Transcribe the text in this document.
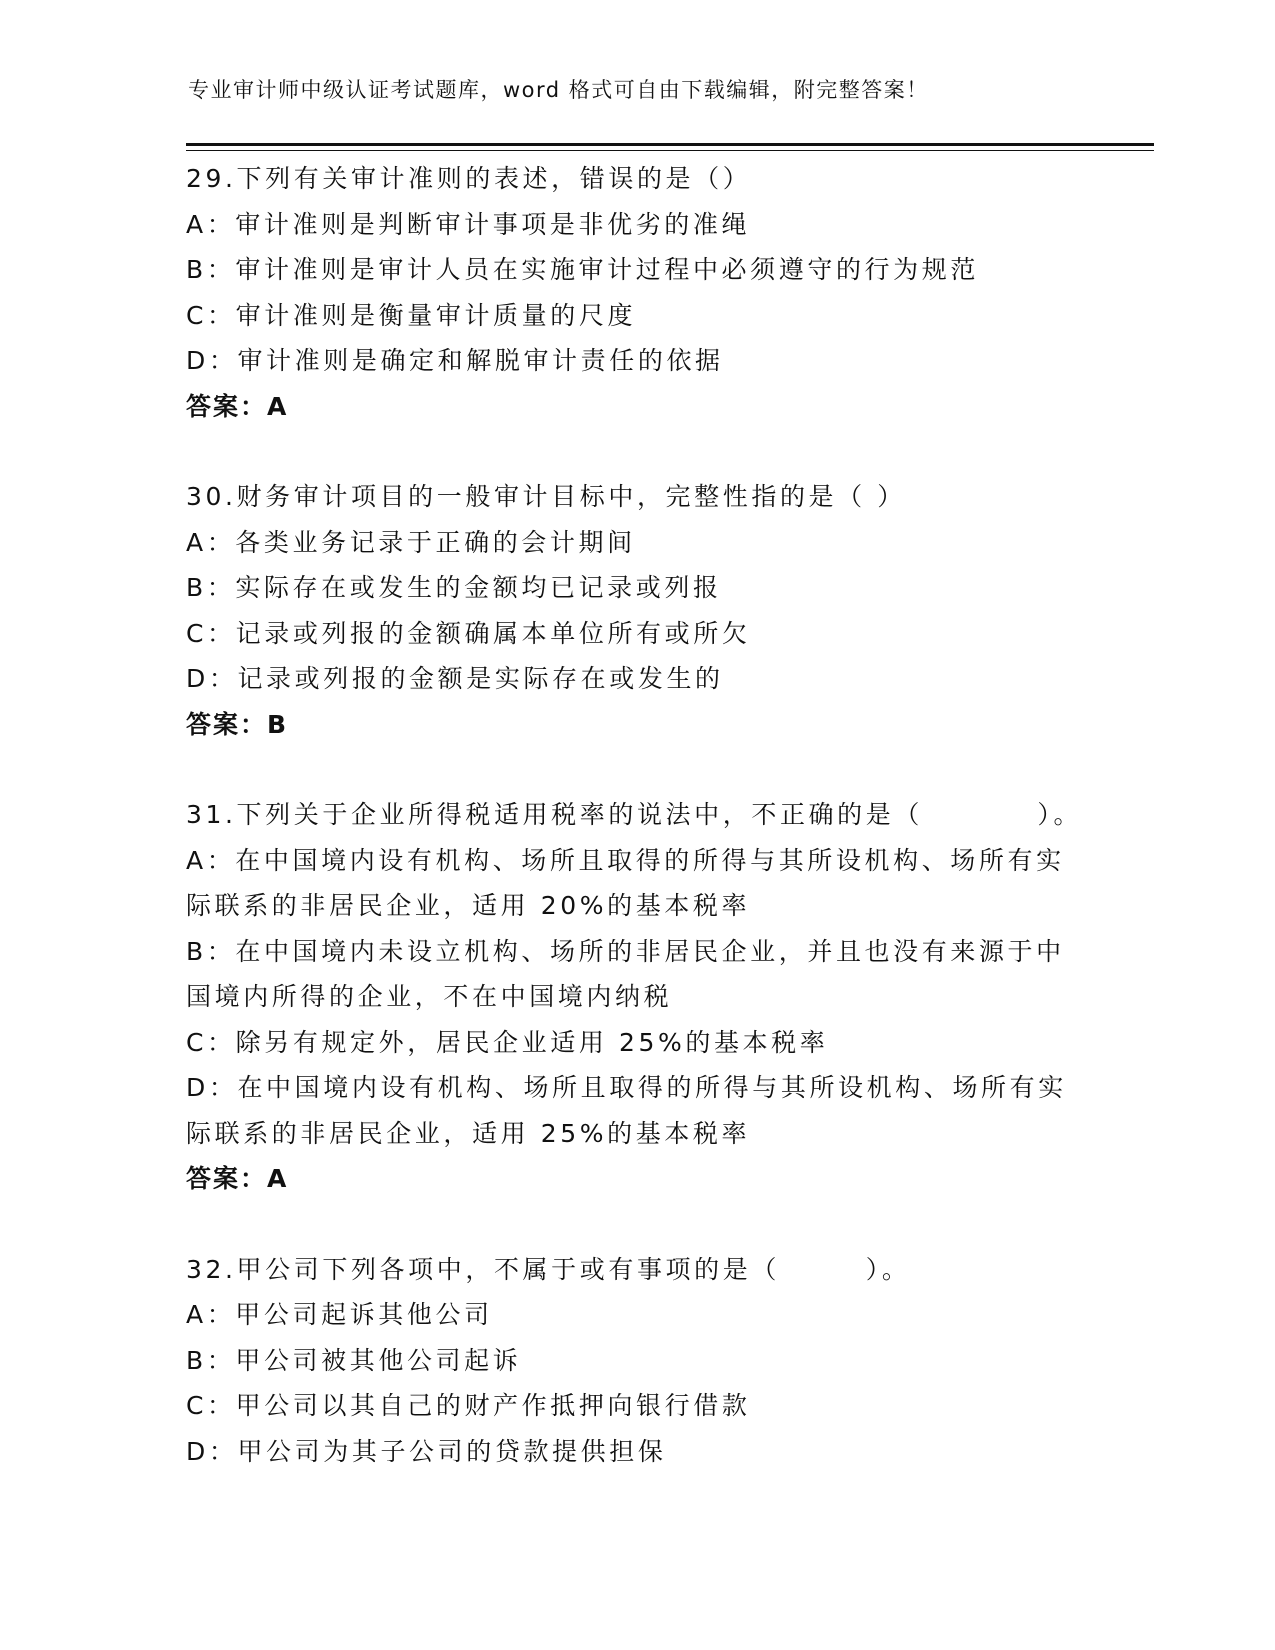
专业审计师中级认证考试题库，word 格式可自由下载编辑，附完整答案！

29.下列有关审计准则的表述，错误的是（）

A：审计准则是判断审计事项是非优劣的准绳

B：审计准则是审计人员在实施审计过程中必须遵守的行为规范

C：审计准则是衡量审计质量的尺度

D：审计准则是确定和解脱审计责任的依据

答案：A

30.财务审计项目的一般审计目标中，完整性指的是（ ）

A：各类业务记录于正确的会计期间

B：实际存在或发生的金额均已记录或列报

C：记录或列报的金额确属本单位所有或所欠

D：记录或列报的金额是实际存在或发生的

答案：B

31.下列关于企业所得税适用税率的说法中，不正确的是（　　　　）。

A：在中国境内设有机构、场所且取得的所得与其所设机构、场所有实际联系的非居民企业，适用 20%的基本税率

B：在中国境内未设立机构、场所的非居民企业，并且也没有来源于中国境内所得的企业，不在中国境内纳税

C：除另有规定外，居民企业适用 25%的基本税率

D：在中国境内设有机构、场所且取得的所得与其所设机构、场所有实际联系的非居民企业，适用 25%的基本税率

答案：A

32.甲公司下列各项中，不属于或有事项的是（　　　）。

A：甲公司起诉其他公司

B：甲公司被其他公司起诉

C：甲公司以其自己的财产作抵押向银行借款

D：甲公司为其子公司的贷款提供担保
